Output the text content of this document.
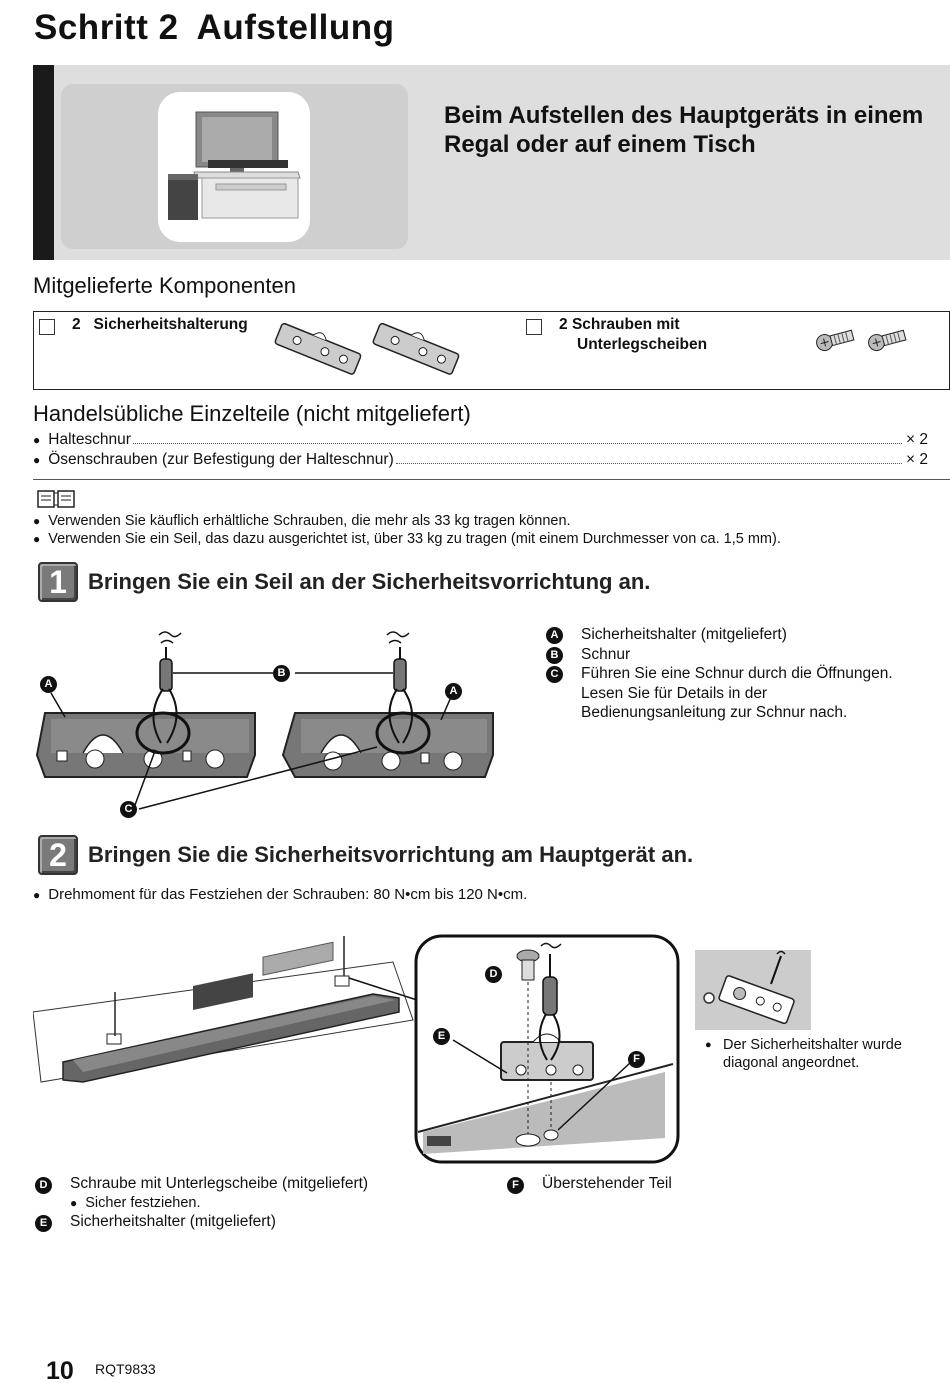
Schritt 2 Aufstellung
Beim Aufstellen des Hauptgeräts in einem Regal oder auf einem Tisch
Mitgelieferte Komponenten
2 Sicherheitshalterung	2 Schrauben mit
Unterlegscheiben
Handelsübliche Einzelteile (nicht mitgeliefert)
● Halteschnur	× 2
● Ösenschrauben (zur Befestigung der Halteschnur)	× 2
● Verwenden Sie käuflich erhältliche Schrauben, die mehr als 33 kg tragen können.
● Verwenden Sie ein Seil, das dazu ausgerichtet ist, über 33 kg zu tragen (mit einem Durchmesser von ca. 1,5 mm).
1 Bringen Sie ein Seil an der Sicherheitsvorrichtung an.
A
B
A
C
A Sicherheitshalter (mitgeliefert)
B Schnur
C Führen Sie eine Schnur durch die Öffnungen.
Lesen Sie für Details in der
Bedienungsanleitung zur Schnur nach.
2 Bringen Sie die Sicherheitsvorrichtung am Hauptgerät an.
● Drehmoment für das Festziehen der Schrauben: 80 N•cm bis 120 N•cm.
D
E
F
● Der Sicherheitshalter wurde diagonal angeordnet.
D Schraube mit Unterlegscheibe (mitgeliefert)
● Sicher festziehen.
E	Sicherheitshalter (mitgeliefert)
F	Überstehender Teil
10 RQT9833
